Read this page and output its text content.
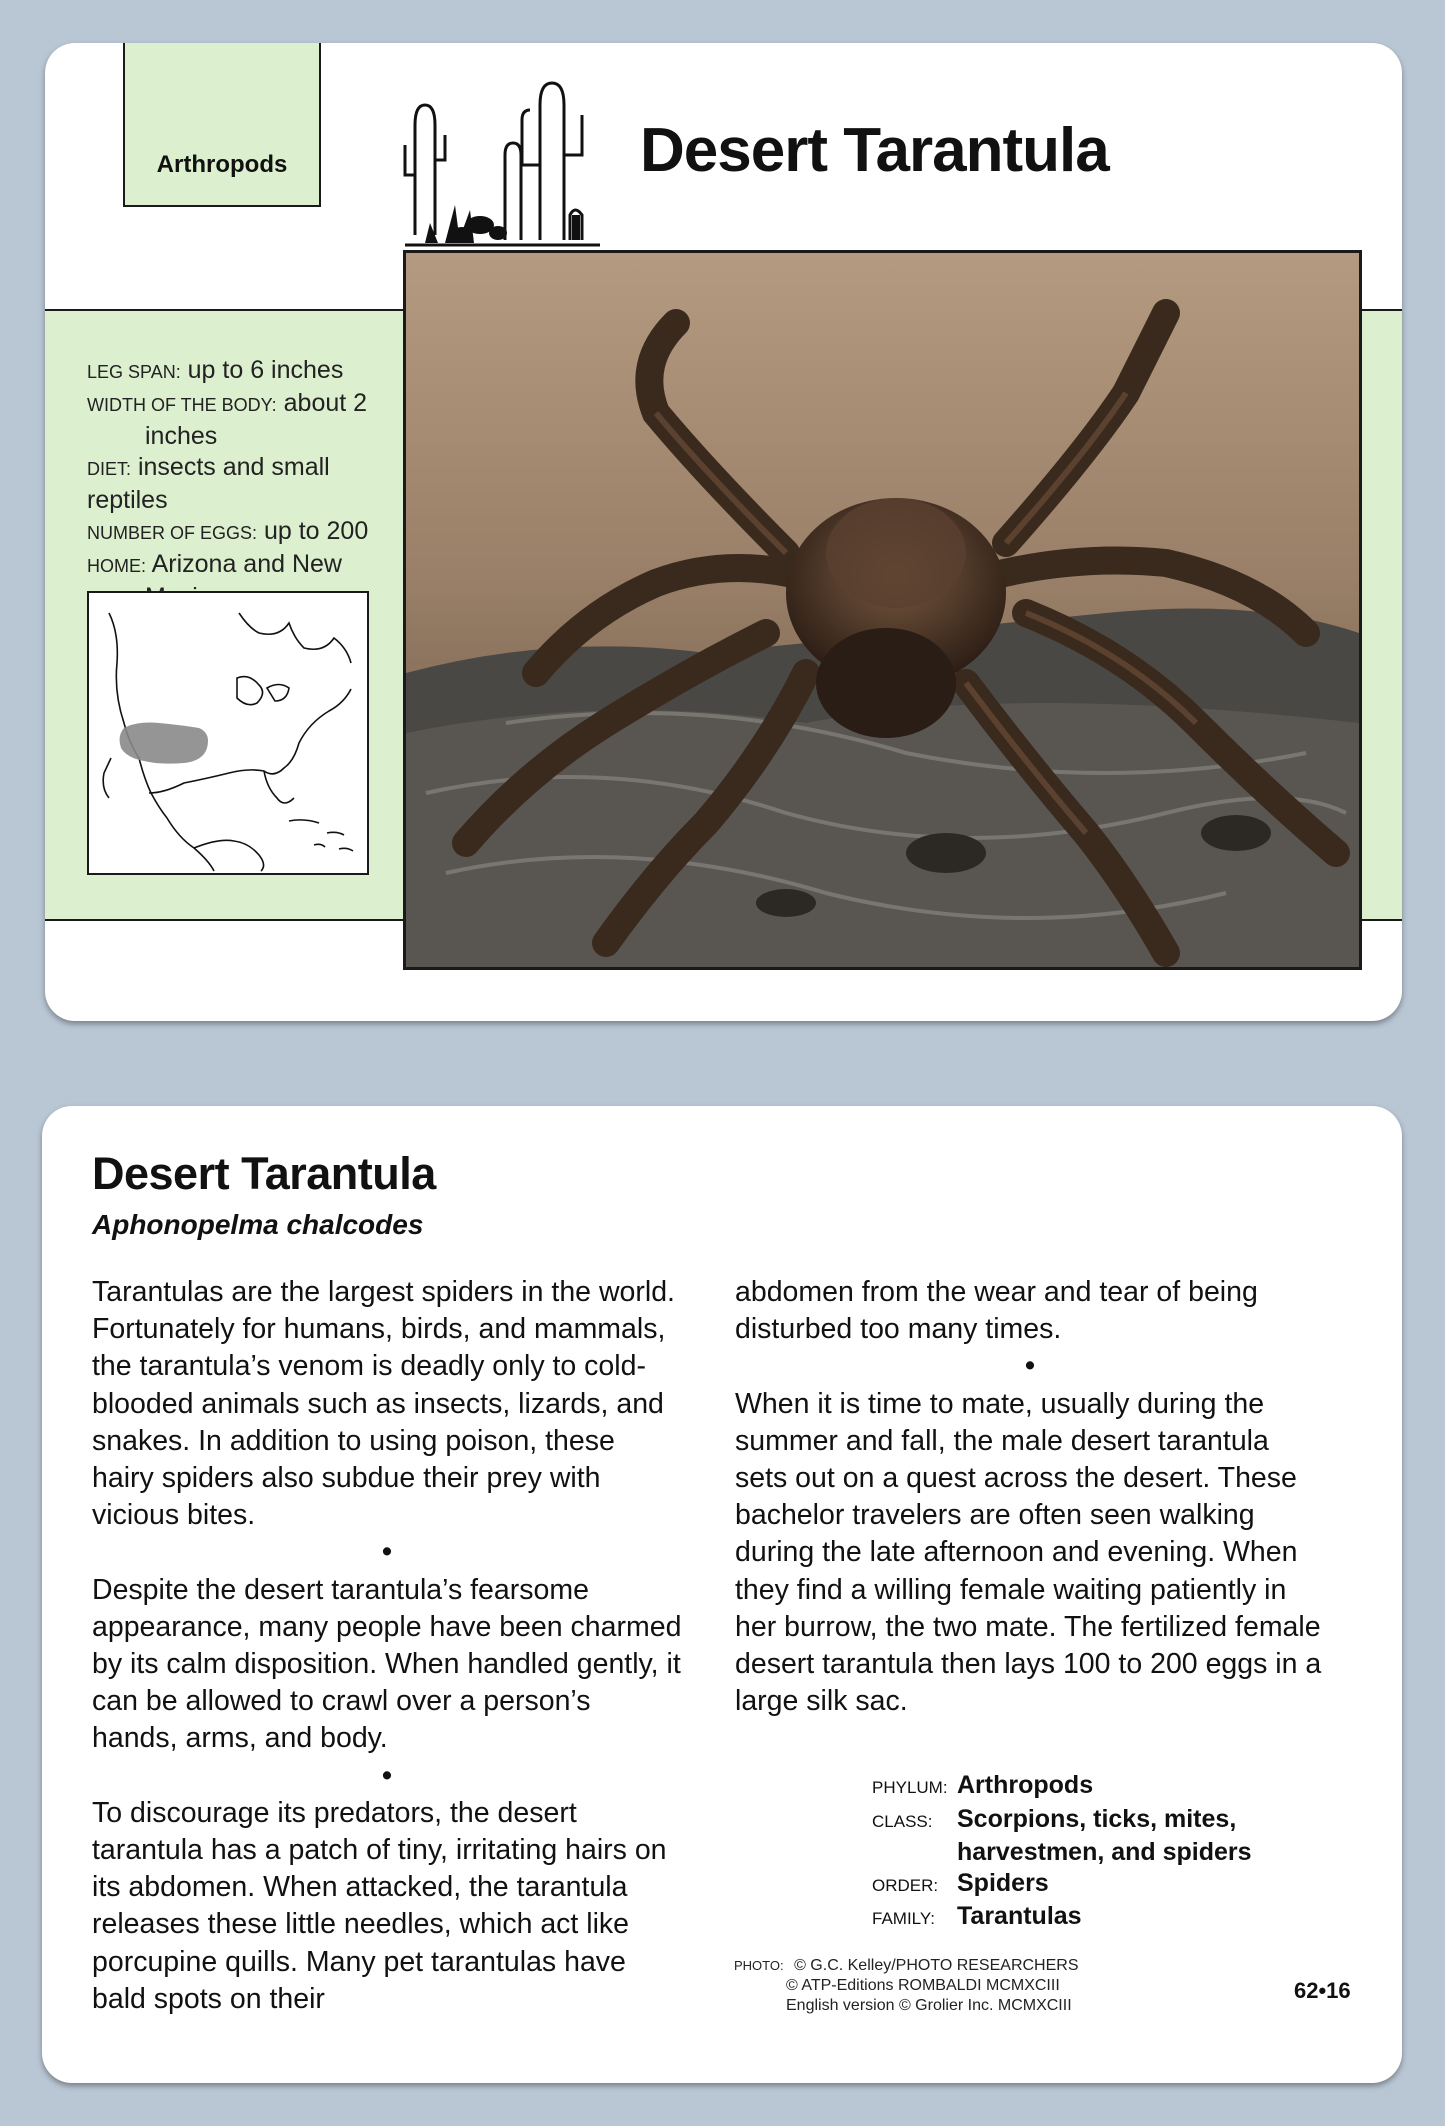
Arthropods	Desert Tarantula
LEG SPAN: up to 6 inches
WIDTH OF THE BODY: about 2
inches
DIET: insects and small reptiles
NUMBER OF EGGS: up to 200
HOME: Arizona and New
Desert Tarantula
Aphonopelma chalcodes

Tarantulas are the largest spiders in the world. Fortunately for humans, birds, and mammals, the tarantula’s venom is deadly only to cold-blooded animals such as insects, lizards, and snakes. In addition to using poison, these hairy spiders also subdue their prey with vicious bites.

•

Despite the desert tarantula’s fearsome appearance, many people have been charmed by its calm disposition. When handled gently, it can be allowed to crawl over a person’s hands, arms, and body.

•

To discourage its predators, the desert tarantula has a patch of tiny, irritating hairs on its abdomen. When attacked, the tarantula releases these little needles, which act like porcupine quills. Many pet tarantulas have bald spots on their

abdomen from the wear and tear of being disturbed too many times.

•

When it is time to mate, usually during the summer and fall, the male desert tarantula sets out on a quest across the desert. These bachelor travelers are often seen walking during the late afternoon and evening. When they find a willing female waiting patiently in her burrow, the two mate. The fertilized female desert tarantula then lays 100 to 200 eggs in a large silk sac.

PHYLUM: Arthropods
CLASS: Scorpions, ticks, mites,
harvestmen, and spiders
ORDER: Spiders
FAMILY: Tarantulas
PHOTO: © G.C. Kelley/PHOTO RESEARCHERS
© ATP-Editions ROMBALDI MCMXCIII
English version © Grolier Inc. MCMXCIII
62•16
